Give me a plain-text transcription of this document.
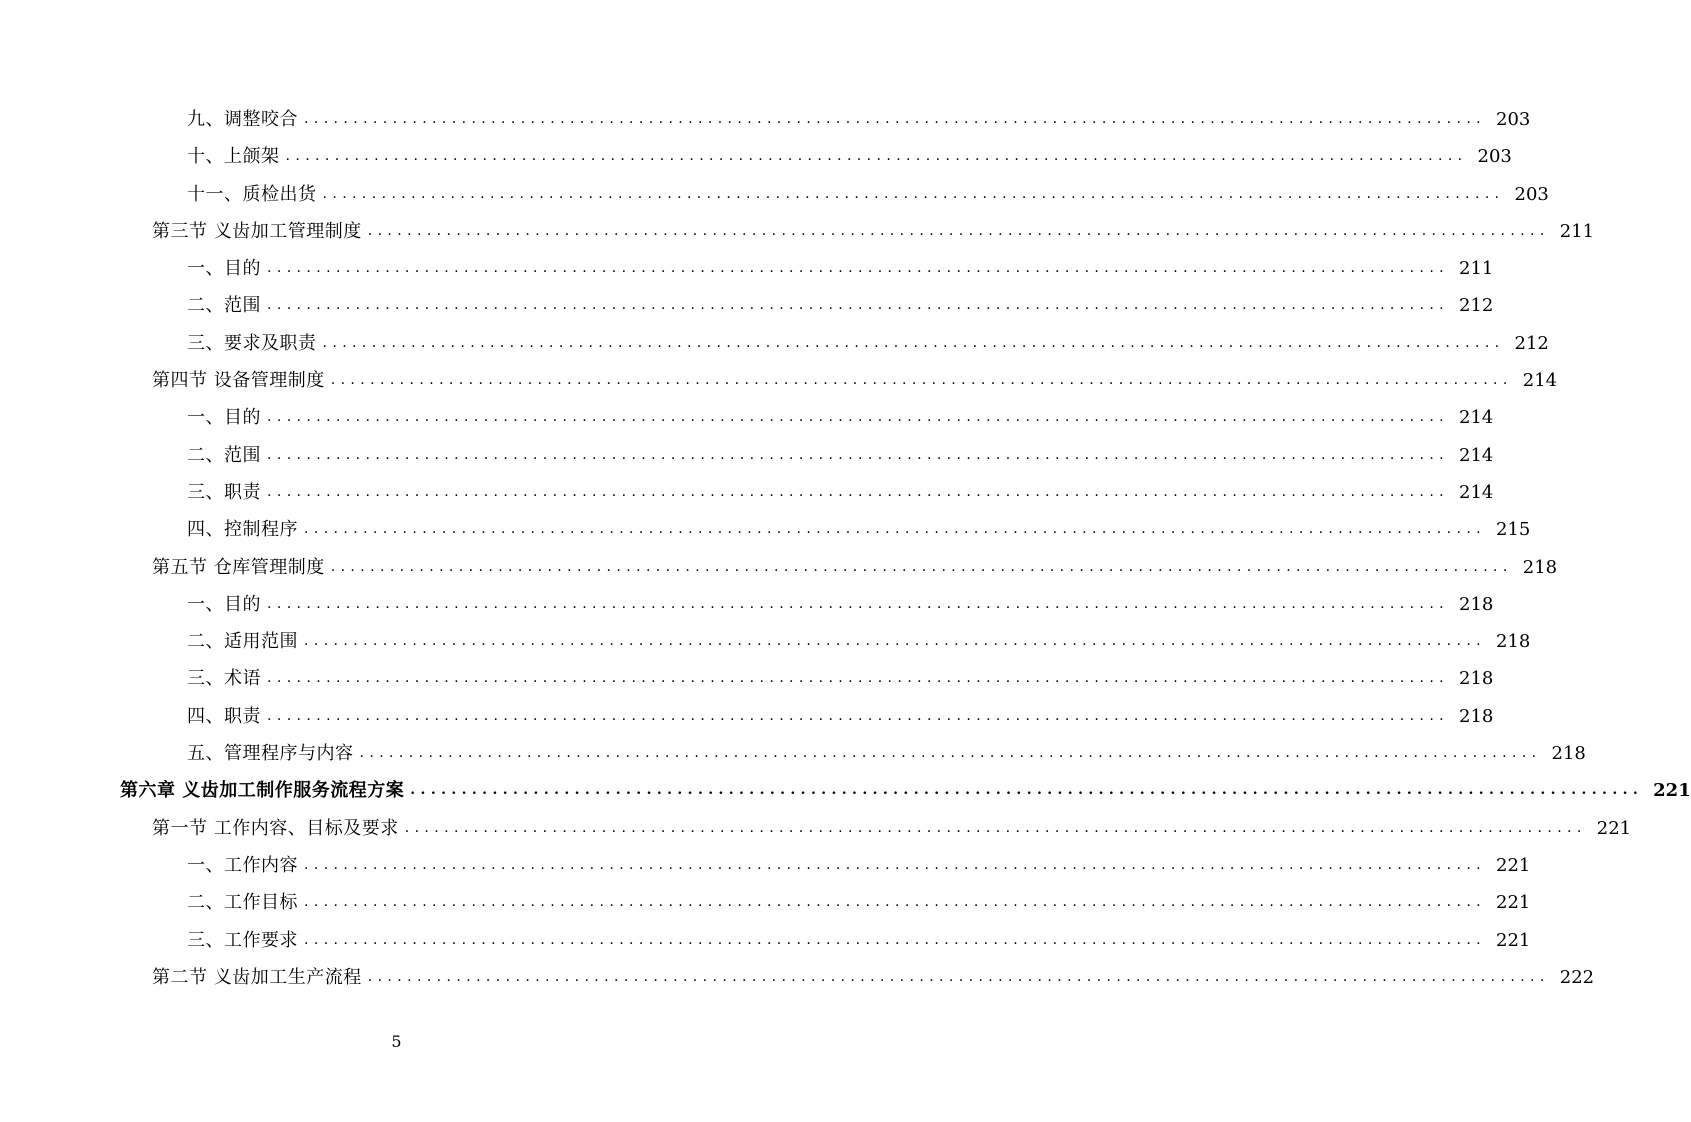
九、调整咬合 ........................................................................................................................ 203
十、上颌架 ........................................................................................................................ 203
十一、质检出货 ........................................................................................................................ 203
第三节 义齿加工管理制度 ........................................................................................................................ 211
一、目的 ........................................................................................................................ 211
二、范围 ........................................................................................................................ 212
三、要求及职责 ........................................................................................................................ 212
第四节 设备管理制度 ........................................................................................................................ 214
一、目的 ........................................................................................................................ 214
二、范围 ........................................................................................................................ 214
三、职责 ........................................................................................................................ 214
四、控制程序 ........................................................................................................................ 215
第五节 仓库管理制度 ........................................................................................................................ 218
一、目的 ........................................................................................................................ 218
二、适用范围 ........................................................................................................................ 218
三、术语 ........................................................................................................................ 218
四、职责 ........................................................................................................................ 218
五、管理程序与内容 ........................................................................................................................ 218
第六章 义齿加工制作服务流程方案 ........................................................................................................................ 221
第一节 工作内容、目标及要求 ........................................................................................................................ 221
一、工作内容 ........................................................................................................................ 221
二、工作目标 ........................................................................................................................ 221
三、工作要求 ........................................................................................................................ 221
第二节 义齿加工生产流程 ........................................................................................................................ 222
5
